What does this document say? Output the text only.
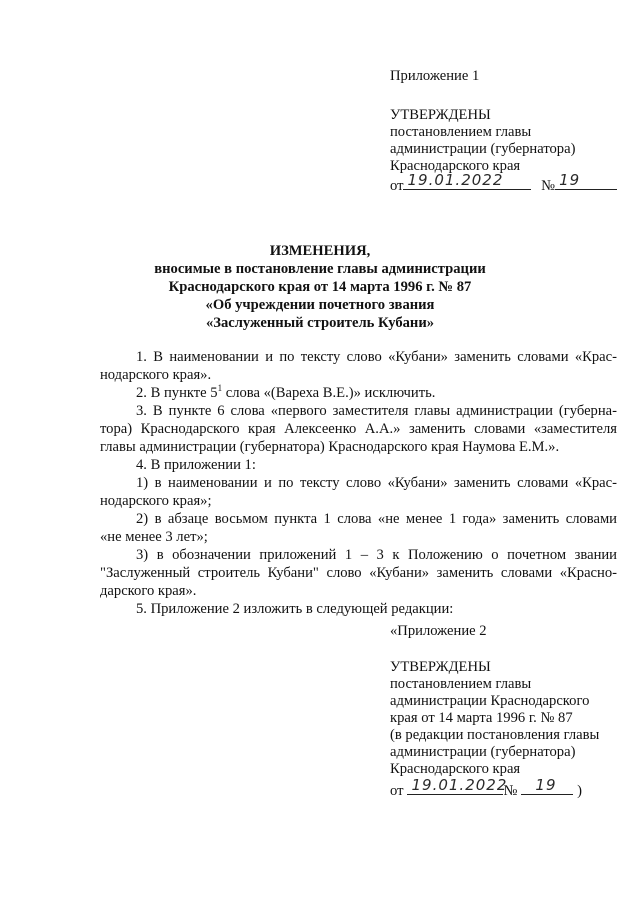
Приложение 1
УТВЕРЖДЕНЫ
постановлением главы
администрации (губернатора)
Краснодарского края
от 19.01.2022	№ 19
ИЗМЕНЕНИЯ,
вносимые в постановление главы администрации
Краснодарского края от 14 марта 1996 г. № 87
«Об учреждении почетного звания
«Заслуженный строитель Кубани»
1. В наименовании и по тексту слово «Кубани» заменить словами «Крас-
нодарского края».
2. В пункте $5^1$ слова «(Вареха В.Е.)» исключить.
3. В пункте 6 слова «первого заместителя главы администрации (губерна-
тора) Краснодарского края Алексеенко А.А.» заменить словами «заместителя
главы администрации (губернатора) Краснодарского края Наумова Е.М.».
4. В приложении 1:
1) в наименовании и по тексту слово «Кубани» заменить словами «Крас-
нодарского края»;
2) в абзаце восьмом пункта 1 слова «не менее 1 года» заменить словами
«не менее 3 лет»;
3) в обозначении приложений 1 – 3 к Положению о почетном звании
"Заслуженный строитель Кубани" слово «Кубани» заменить словами «Красно-
дарского края».
5. Приложение 2 изложить в следующей редакции:
«Приложение 2
УТВЕРЖДЕНЫ
постановлением главы
администрации Краснодарского
края от 14 марта 1996 г. № 87
(в редакции постановления главы
администрации (губернатора)
Краснодарского края
от 19.01.2022
№ 19 )
